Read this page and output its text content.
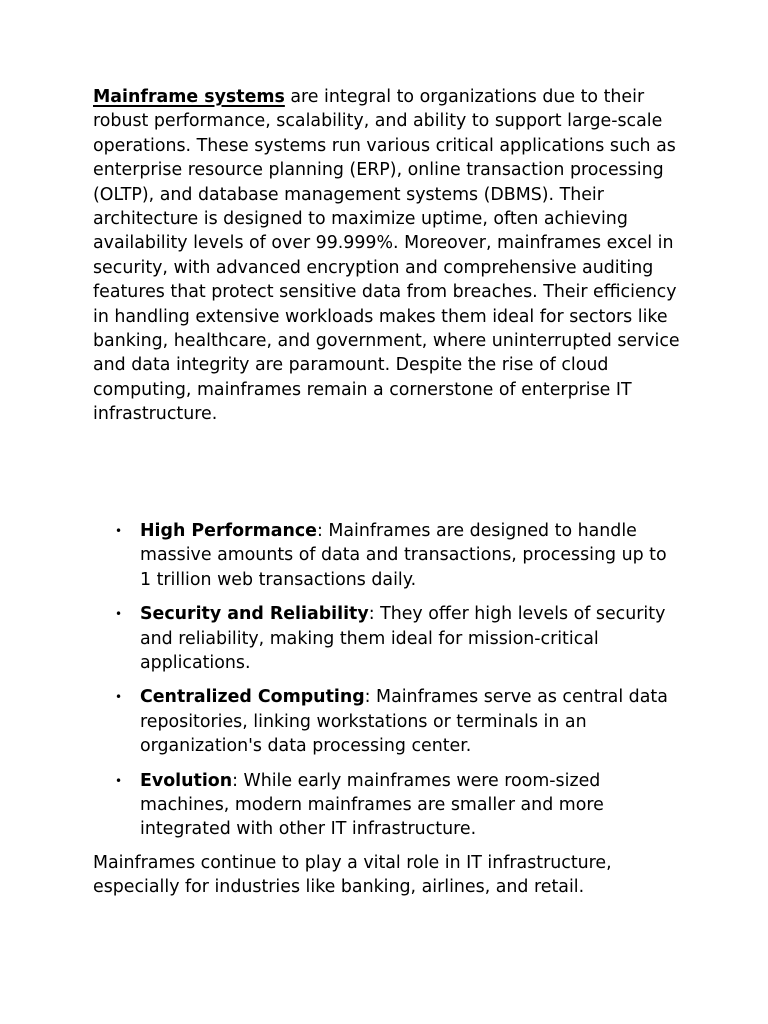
Mainframe systems are integral to organizations due to their robust performance, scalability, and ability to support large-scale operations. These systems run various critical applications such as enterprise resource planning (ERP), online transaction processing (OLTP), and database management systems (DBMS). Their architecture is designed to maximize uptime, often achieving availability levels of over 99.999%. Moreover, mainframes excel in security, with advanced encryption and comprehensive auditing features that protect sensitive data from breaches. Their efficiency in handling extensive workloads makes them ideal for sectors like banking, healthcare, and government, where uninterrupted service and data integrity are paramount. Despite the rise of cloud computing, mainframes remain a cornerstone of enterprise IT infrastructure.

• High Performance: Mainframes are designed to handle massive amounts of data and transactions, processing up to 1 trillion web transactions daily.
• Security and Reliability: They offer high levels of security and reliability, making them ideal for mission-critical applications.
• Centralized Computing: Mainframes serve as central data repositories, linking workstations or terminals in an organization's data processing center.
• Evolution: While early mainframes were room-sized machines, modern mainframes are smaller and more integrated with other IT infrastructure.

Mainframes continue to play a vital role in IT infrastructure, especially for industries like banking, airlines, and retail.
